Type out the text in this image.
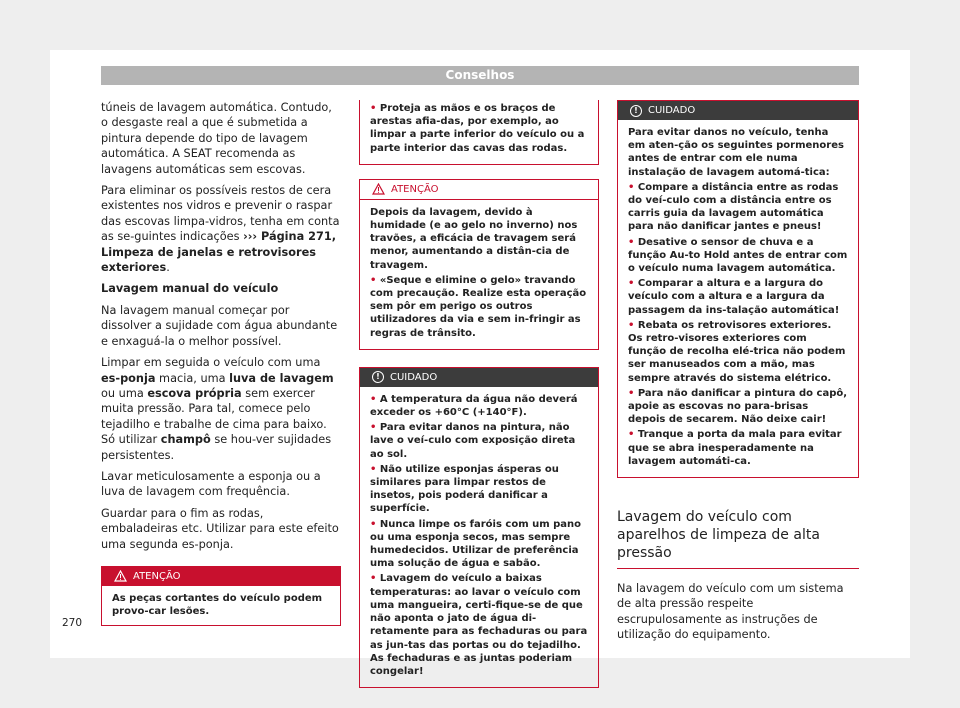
Conselhos

túneis de lavagem automática. Contudo, o desgaste real a que é submetida a pintura depende do tipo de lavagem automática. A SEAT recomenda as lavagens automáticas sem escovas.

Para eliminar os possíveis restos de cera existentes nos vidros e prevenir o raspar das escovas limpa-vidros, tenha em conta as se-guintes indicações ››› Página 271, Limpeza de janelas e retrovisores exteriores.

Lavagem manual do veículo

Na lavagem manual começar por dissolver a sujidade com água abundante e enxaguá-la o melhor possível.

Limpar em seguida o veículo com uma es-ponja macia, uma luva de lavagem ou uma escova própria sem exercer muita pressão. Para tal, comece pelo tejadilho e trabalhe de cima para baixo. Só utilizar champô se hou-ver sujidades persistentes.

Lavar meticulosamente a esponja ou a luva de lavagem com frequência.

Guardar para o fim as rodas, embaladeiras etc. Utilizar para este efeito uma segunda es-ponja.

ATENÇÃO
As peças cortantes do veículo podem provo-car lesões.
• Proteja as mãos e os braços de arestas afia-das, por exemplo, ao limpar a parte inferior do veículo ou a parte interior das cavas das rodas.
ATENÇÃO
Depois da lavagem, devido à humidade (e ao gelo no inverno) nos travões, a eficácia de travagem será menor, aumentando a distân-cia de travagem.
• «Seque e elimine o gelo» travando com precaução. Realize esta operação sem pôr em perigo os outros utilizadores da via e sem in-fringir as regras de trânsito.
!	CUIDADO
• A temperatura da água não deverá exceder os +60°C (+140°F).
• Para evitar danos na pintura, não lave o veí-culo com exposição direta ao sol.
• Não utilize esponjas ásperas ou similares para limpar restos de insetos, pois poderá danificar a superfície.
• Nunca limpe os faróis com um pano ou uma esponja secos, mas sempre humedecidos. Utilizar de preferência uma solução de água e sabão.
• Lavagem do veículo a baixas temperaturas: ao lavar o veículo com uma mangueira, certi-fique-se de que não aponta o jato de água di-retamente para as fechaduras ou para as jun-tas das portas ou do tejadilho. As fechaduras e as juntas poderiam congelar!
!	CUIDADO
Para evitar danos no veículo, tenha em aten-ção os seguintes pormenores antes de entrar com ele numa instalação de lavagem automá-tica:
• Compare a distância entre as rodas do veí-culo com a distância entre os carris guia da lavagem automática para não danificar jantes e pneus!
• Desative o sensor de chuva e a função Au-to Hold antes de entrar com o veículo numa lavagem automática.
• Comparar a altura e a largura do veículo com a altura e a largura da passagem da ins-talação automática!
• Rebata os retrovisores exteriores. Os retro-visores exteriores com função de recolha elé-trica não podem ser manuseados com a mão, mas sempre através do sistema elétrico.
• Para não danificar a pintura do capô, apoie as escovas no para-brisas depois de secarem. Não deixe cair!
• Tranque a porta da mala para evitar que se abra inesperadamente na lavagem automáti-ca.
Lavagem do veículo com aparelhos de limpeza de alta pressão

Na lavagem do veículo com um sistema de alta pressão respeite escrupulosamente as instruções de utilização do equipamento.

270
